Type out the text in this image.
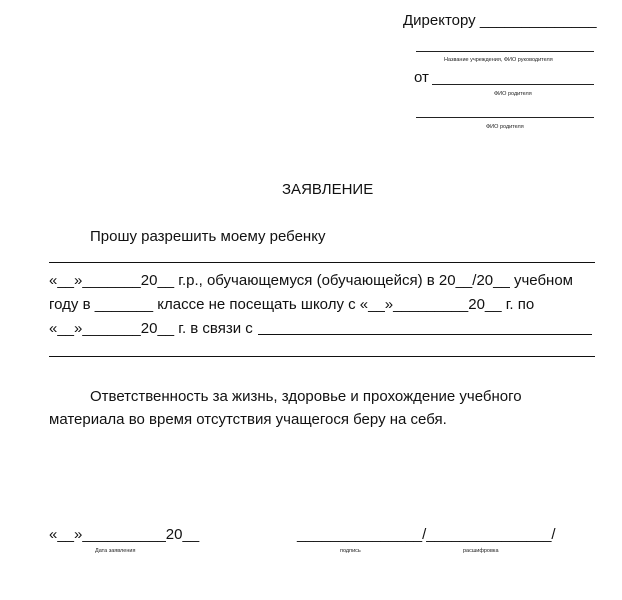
Директору ______________
Название учреждения, ФИО руководителя
от
ФИО родителя
ФИО родителя
ЗАЯВЛЕНИЕ
Прошу разрешить моему ребенку
«__»_______20__ г.р., обучающемуся (обучающейся) в 20__/20__ учебном
году в _______ классе не посещать школу с «__»_________20__ г. по
«__»_______20__ г. в связи с
Ответственность за жизнь, здоровье и прохождение учебного
материала во время отсутствия учащегося беру на себя.
«__»__________20__
Дата заявления
_______________/_______________/
подпись	расшифровка
